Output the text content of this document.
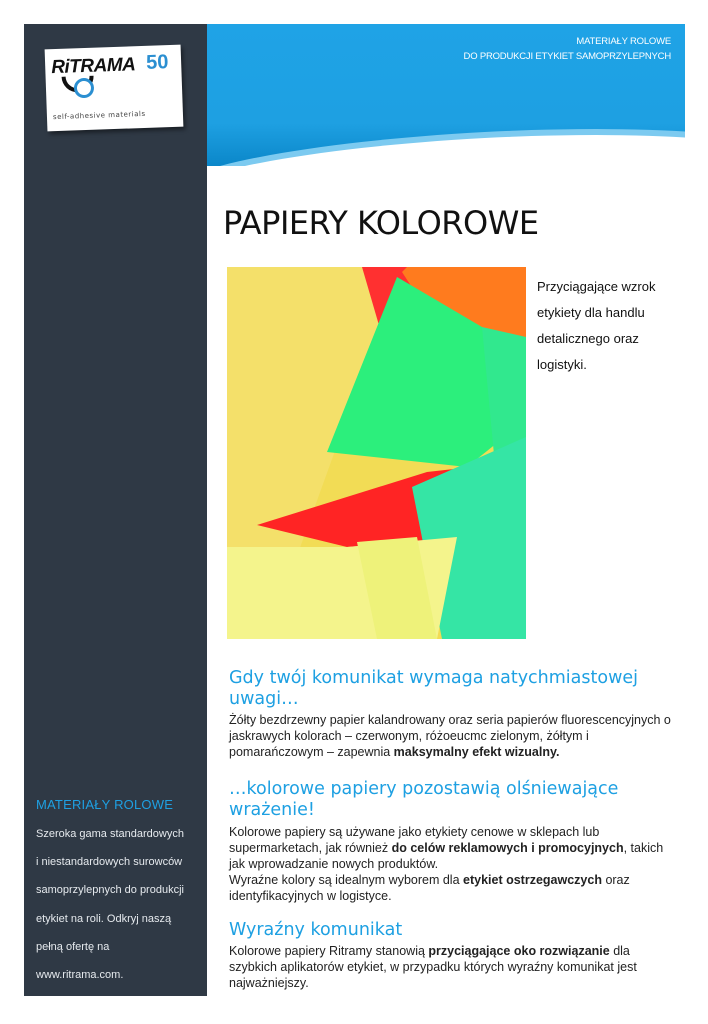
MATERIAŁY ROLOWE
DO PRODUKCJI ETYKIET SAMOPRZYLEPNYCH
RiTRAMA 50
self-adhesive materials
PAPIERY KOLOROWE
Przyciągające wzrok etykiety dla handlu detalicznego oraz logistyki.
Gdy twój komunikat wymaga natychmiastowej uwagi…
Żółty bezdrzewny papier kalandrowany oraz seria papierów fluorescencyjnych o jaskrawych kolorach – czerwonym, różoeucmc zielonym, żółtym i pomarańczowym – zapewnia maksymalny efekt wizualny.
…kolorowe papiery pozostawią olśniewające wrażenie!
Kolorowe papiery są używane jako etykiety cenowe w sklepach lub supermarketach, jak również do celów reklamowych i promocyjnych, takich jak wprowadzanie nowych produktów.
Wyraźne kolory są idealnym wyborem dla etykiet ostrzegawczych oraz identyfikacyjnych w logistyce.
Wyraźny komunikat
Kolorowe papiery Ritramy stanowią przyciągające oko rozwiązanie dla szybkich aplikatorów etykiet, w przypadku których wyraźny komunikat jest najważniejszy.
MATERIAŁY ROLOWE
Szeroka gama standardowych
i niestandardowych surowców
samoprzylepnych do produkcji
etykiet na roli. Odkryj naszą
pełną ofertę na
www.ritrama.com.
